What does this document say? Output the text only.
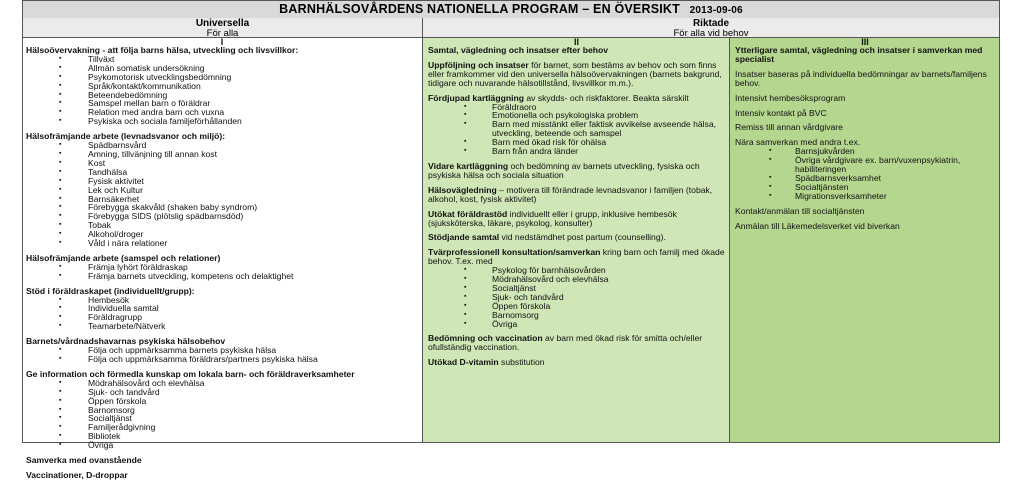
BARNHÄLSOVÅRDENS NATIONELLA PROGRAM – EN ÖVERSIKT 2013-09-06
Universella
För alla
Riktade
För alla vid behov
I
Hälsoövervakning - att följa barns hälsa, utveckling och livsvillkor:
▪ Tillväxt
▪ Allmän somatisk undersökning
▪ Psykomotorisk utvecklingsbedömning
▪ Språk/kontakt/kommunikation
▪ Beteendebedömning
▪ Samspel mellan barn o föräldrar
▪ Relation med andra barn och vuxna
▪ Psykiska och sociala familjeförhållanden
Hälsofrämjande arbete (levnadsvanor och miljö):
▪ Spädbarnsvård
▪ Amning, tillvänjning till annan kost
▪ Kost
▪ Tandhälsa
▪ Fysisk aktivitet
▪ Lek och Kultur
▪ Barnsäkerhet
▪ Förebygga skakvåld (shaken baby syndrom)
▪ Förebygga SIDS (plötslig spädbarnsdöd)
▪ Tobak
▪ Alkohol/droger
▪ Våld i nära relationer
Hälsofrämjande arbete (samspel och relationer)
▪ Främja lyhört föräldraskap
▪ Främja barnets utveckling, kompetens och delaktighet
Stöd i föräldraskapet (individuellt/grupp):
▪ Hembesök
▪ Individuella samtal
▪ Föräldragrupp
▪ Teamarbete/Nätverk
Barnets/vårdnadshavarnas psykiska hälsobehov
▪ Följa och uppmärksamma barnets psykiska hälsa
▪ Följa och uppmärksamma föräldrars/partners psykiska hälsa
Ge information och förmedla kunskap om lokala barn- och föräldraverksamheter
▪ Mödrahälsovård och elevhälsa
▪ Sjuk- och tandvård
▪ Öppen förskola
▪ Barnomsorg
▪ Socialtjänst
▪ Familjerådgivning
▪ Bibliotek
▪ Övriga
Samverka med ovanstående
Vaccinationer, D-droppar
II
Samtal, vägledning och insatser efter behov
Uppföljning och insatser för barnet, som bestäms av behov och som finns eller framkommer vid den universella hälsoövervakningen (barnets bakgrund, tidigare och nuvarande hälsotillstånd, livsvillkor m.m.).
Fördjupad kartläggning av skydds- och riskfaktorer. Beakta särskilt
▪ Föräldraoro
▪ Emotionella och psykologiska problem
▪ Barn med misstänkt eller faktisk avvikelse avseende hälsa, utveckling, beteende och samspel
▪ Barn med ökad risk för ohälsa
▪ Barn från andra länder
Vidare kartläggning och bedömning av barnets utveckling, fysiska och psykiska hälsa och sociala situation
Hälsovägledning – motivera till förändrade levnadsvanor i familjen (tobak, alkohol, kost, fysisk aktivitet)
Utökat föräldrastöd individuellt eller i grupp, inklusive hembesök (sjuksköterska, läkare, psykolog, konsulter)
Stödjande samtal vid nedstämdhet post partum (counselling).
Tvärprofessionell konsultation/samverkan kring barn och familj med ökade behov. T.ex. med
▪ Psykolog för barnhälsovården
▪ Mödrahälsovård och elevhälsa
▪ Socialtjänst
▪ Sjuk- och tandvård
▪ Öppen förskola
▪ Barnomsorg
▪ Övriga
Bedömning och vaccination av barn med ökad risk för smitta och/eller ofullständig vaccination.
Utökad D-vitamin substitution
III
Ytterligare samtal, vägledning och insatser i samverkan med specialist
Insatser baseras på individuella bedömningar av barnets/familjens behov.
Intensivt hembesöksprogram
Intensiv kontakt på BVC
Remiss till annan vårdgivare
Nära samverkan med andra t.ex.
▪ Barnsjukvården
▪ Övriga vårdgivare ex. barn/vuxenpsykiatrin, habiliteringen
▪ Spädbarnsverksamhet
▪ Socialtjänsten
▪ Migrationsverksamheter
Kontakt/anmälan till socialtjänsten
Anmälan till Läkemedelsverket vid biverkan
